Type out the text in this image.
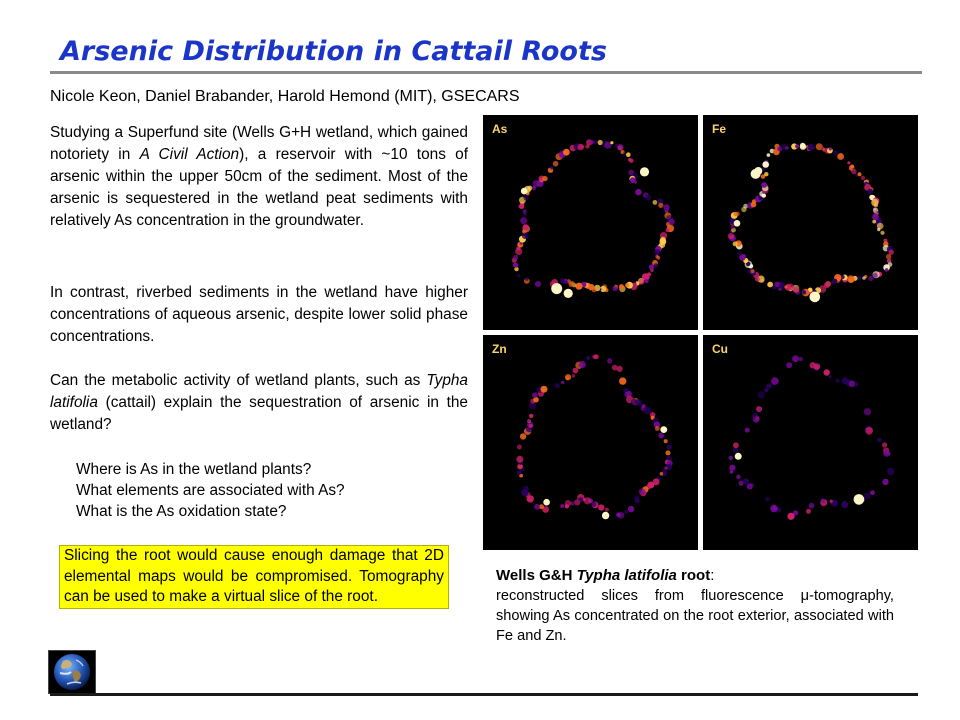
Arsenic Distribution in Cattail Roots
Nicole Keon, Daniel Brabander, Harold Hemond (MIT), GSECARS
Studying a Superfund site (Wells G+H wetland, which gained notoriety in A Civil Action), a reservoir with ~10 tons of arsenic within the upper 50cm of the sediment. Most of the arsenic is sequestered in the wetland peat sediments with relatively As concentration in the groundwater.
In contrast, riverbed sediments in the wetland have higher concentrations of aqueous arsenic, despite lower solid phase concentrations.
Can the metabolic activity of wetland plants, such as Typha latifolia (cattail) explain the sequestration of arsenic in the wetland?
Where is As in the wetland plants?
What elements are associated with As?
What is the As oxidation state?
Slicing the root would cause enough damage that 2D elemental maps would be compromised. Tomography can be used to make a virtual slice of the root.
As	Fe
Zn	Cu
Wells G&H Typha latifolia root:
reconstructed slices from fluorescence μ-tomography, showing As concentrated on the root exterior, associated with Fe and Zn.
